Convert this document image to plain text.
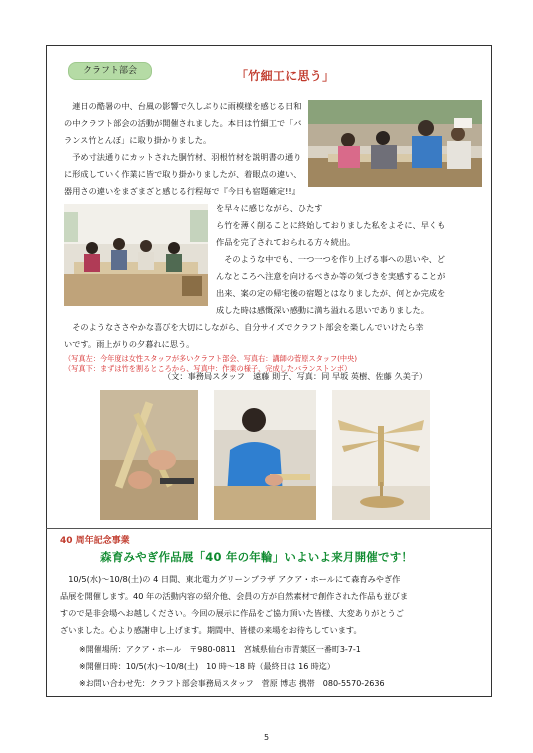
クラフト部会	「竹細工に思う」
　連日の酷暑の中、台風の影響で久しぶりに雨模様を感じる日和
の中クラフト部会の活動が開催されました。本日は竹細工で「バ
ランス竹とんぼ」に取り掛かりました。
　予め寸法通りにカットされた胴竹材、羽根竹材を説明書の通り
に形成していく作業に皆で取り掛かりましたが、着眼点の違い、
器用さの違いをまざまざと感じる行程毎で『今日も宿題確定!!』
を早々に感じながら、ひたす
ら竹を薄く削ることに終始しておりました私をよそに、早くも
作品を完了されておられる方々続出。
　そのような中でも、一つ一つを作り上げる事への思いや、ど
んなところへ注意を向けるべきか等の気づきを実感することが
出来、案の定の帰宅後の宿題とはなりましたが、何とか完成を
成した時は感慨深い感動に満ち溢れる思いでありました。
　そのようなささやかな喜びを大切にしながら、自分サイズでクラフト部会を楽しんでいけたら幸
いです。雨上がりの夕暮れに思う。
（写真左：今年度は女性スタッフが多いクラフト部会、写真右：講師の菅原スタッフ(中央)
（写真下：まずは竹を割るところから、写真中：作業の様子、完成したバランストンボ）
（文：事務局スタッフ　遠藤 則子、写真：同 早坂 英樹、佐藤 久美子）
40 周年記念事業
森育みやぎ作品展「40 年の年輪」いよいよ来月開催です！
　10/5(水)～10/8(土)の 4 日間、東北電力グリーンプラザ アクア・ホールにて森育みやぎ作
品展を開催します。40 年の活動内容の紹介他、会員の方が自然素材で創作された作品も並びま
すので是非会場へお越しください。今回の展示に作品をご協力頂いた皆様、大変ありがとうご
ざいました。心より感謝申し上げます。期間中、皆様の来場をお待ちしています。
※開催場所：アクア・ホール　〒980-0811　宮城県仙台市青葉区一番町3-7-1
※開催日時：10/5(水)～10/8(土)　10 時～18 時（最終日は 16 時迄）
※お問い合わせ先：クラフト部会事務局スタッフ　菅原 博志 携帯　080-5570-2636
5
